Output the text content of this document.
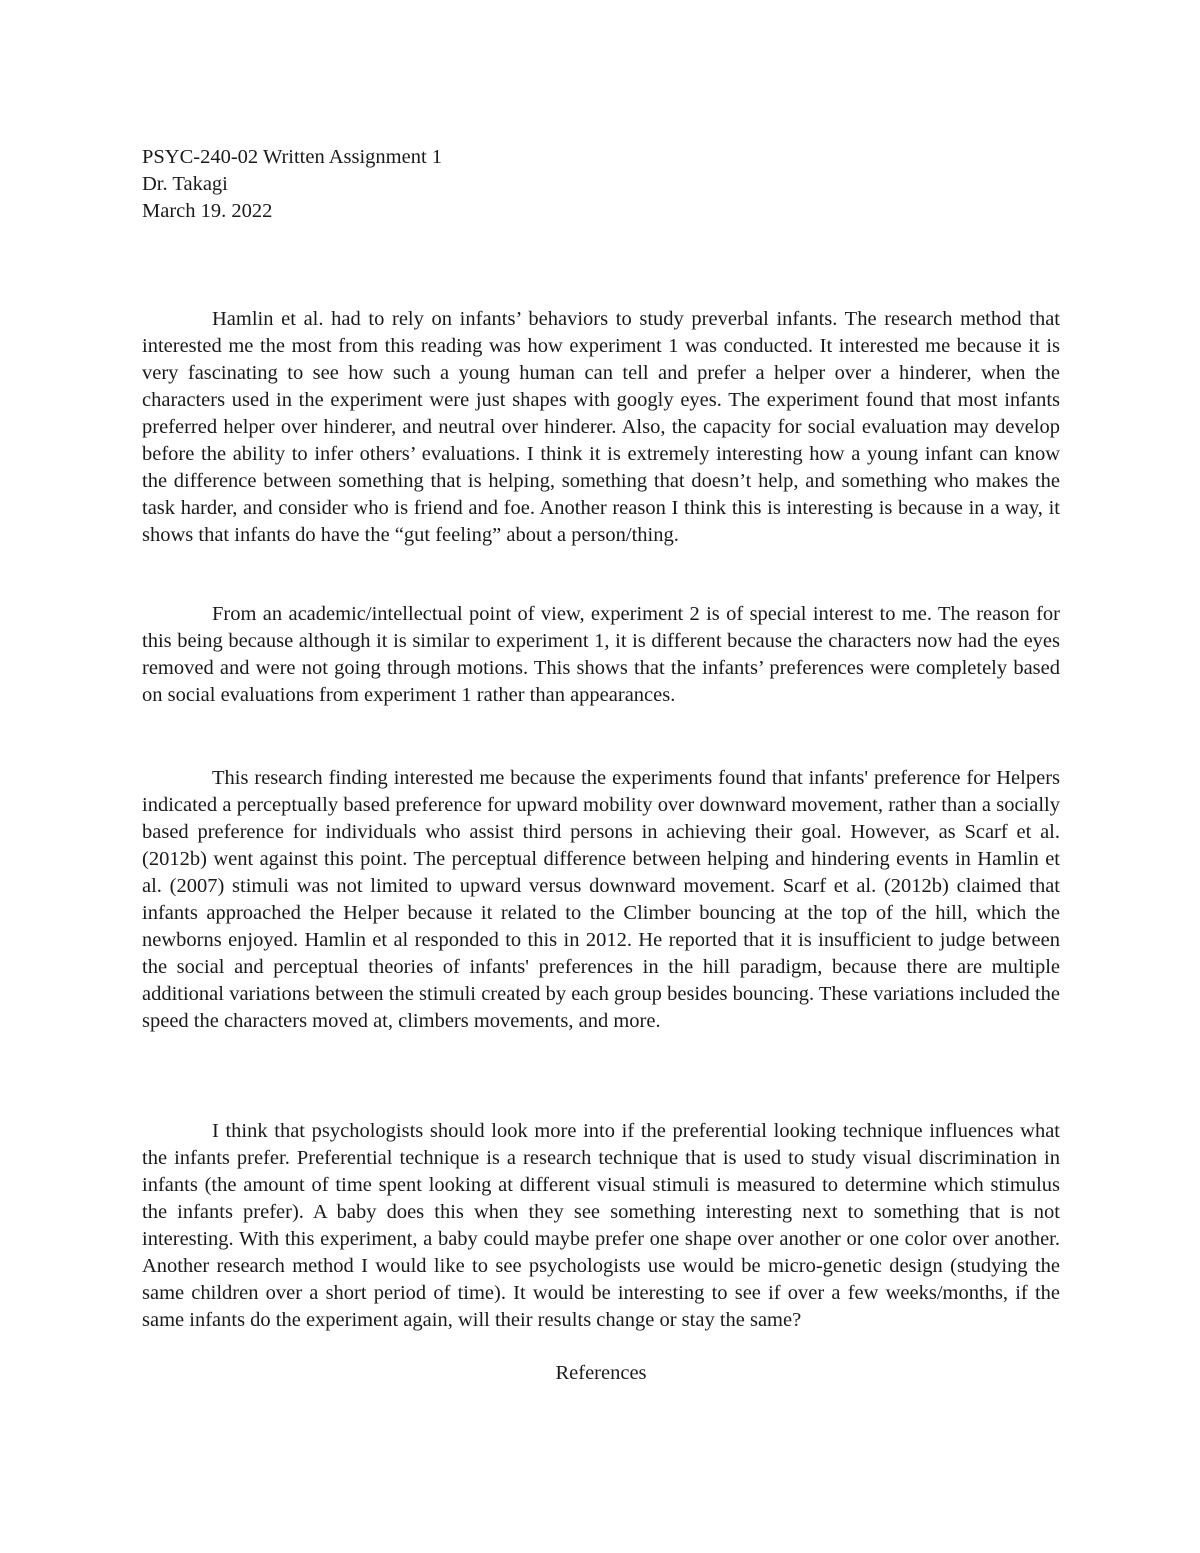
PSYC-240-02 Written Assignment 1
Dr. Takagi
March 19. 2022

Hamlin et al. had to rely on infants’ behaviors to study preverbal infants. The research method that interested me the most from this reading was how experiment 1 was conducted. It interested me because it is very fascinating to see how such a young human can tell and prefer a helper over a hinderer, when the characters used in the experiment were just shapes with googly eyes. The experiment found that most infants preferred helper over hinderer, and neutral over hinderer. Also, the capacity for social evaluation may develop before the ability to infer others’ evaluations. I think it is extremely interesting how a young infant can know the difference between something that is helping, something that doesn’t help, and something who makes the task harder, and consider who is friend and foe. Another reason I think this is interesting is because in a way, it shows that infants do have the “gut feeling” about a person/thing.

From an academic/intellectual point of view, experiment 2 is of special interest to me. The reason for this being because although it is similar to experiment 1, it is different because the characters now had the eyes removed and were not going through motions. This shows that the infants’ preferences were completely based on social evaluations from experiment 1 rather than appearances.

This research finding interested me because the experiments found that infants' preference for Helpers indicated a perceptually based preference for upward mobility over downward movement, rather than a socially based preference for individuals who assist third persons in achieving their goal. However, as Scarf et al. (2012b) went against this point. The perceptual difference between helping and hindering events in Hamlin et al. (2007) stimuli was not limited to upward versus downward movement. Scarf et al. (2012b) claimed that infants approached the Helper because it related to the Climber bouncing at the top of the hill, which the newborns enjoyed. Hamlin et al responded to this in 2012. He reported that it is insufficient to judge between the social and perceptual theories of infants' preferences in the hill paradigm, because there are multiple additional variations between the stimuli created by each group besides bouncing. These variations included the speed the characters moved at, climbers movements, and more.

I think that psychologists should look more into if the preferential looking technique influences what the infants prefer. Preferential technique is a research technique that is used to study visual discrimination in infants (the amount of time spent looking at different visual stimuli is measured to determine which stimulus the infants prefer). A baby does this when they see something interesting next to something that is not interesting. With this experiment, a baby could maybe prefer one shape over another or one color over another. Another research method I would like to see psychologists use would be micro-genetic design (studying the same children over a short period of time). It would be interesting to see if over a few weeks/months, if the same infants do the experiment again, will their results change or stay the same?

References
